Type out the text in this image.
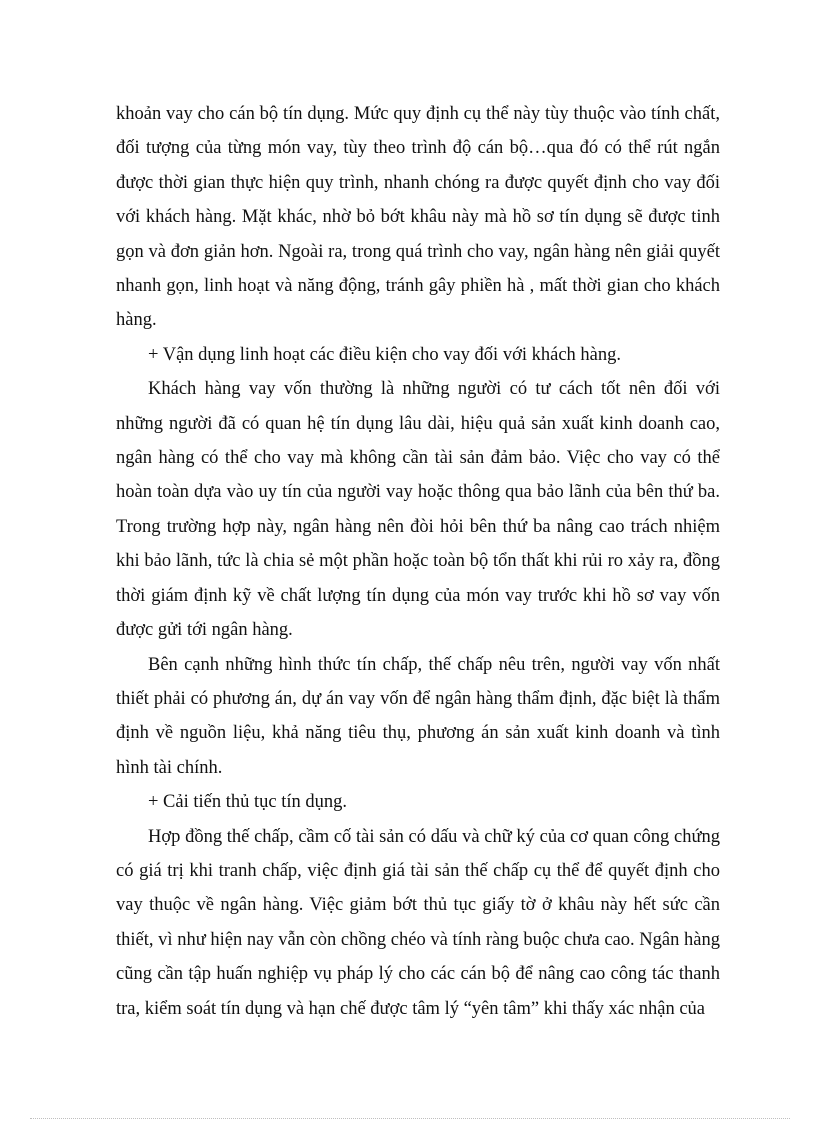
khoản vay cho cán bộ tín dụng. Mức quy định cụ thể này tùy thuộc vào tính chất, đối tượng của từng món vay, tùy theo trình độ cán bộ…qua đó có thể rút ngắn được thời gian thực hiện quy trình, nhanh chóng ra được quyết định cho vay đối với khách hàng. Mặt khác, nhờ bỏ bớt khâu này mà hồ sơ tín dụng sẽ được tinh gọn và đơn giản hơn. Ngoài ra, trong quá trình cho vay, ngân hàng nên giải quyết nhanh gọn, linh hoạt và năng động, tránh gây phiền hà , mất thời gian cho khách hàng.

+ Vận dụng linh hoạt các điều kiện cho vay đối với khách hàng.

Khách hàng vay vốn thường là những người có tư cách tốt nên đối với những người đã có quan hệ tín dụng lâu dài, hiệu quả sản xuất kinh doanh cao, ngân hàng có thể cho vay mà không cần tài sản đảm bảo. Việc cho vay có thể hoàn toàn dựa vào uy tín của người vay hoặc thông qua bảo lãnh của bên thứ ba. Trong trường hợp này, ngân hàng nên đòi hỏi bên thứ ba nâng cao trách nhiệm khi bảo lãnh, tức là chia sẻ một phần hoặc toàn bộ tổn thất khi rủi ro xảy ra, đồng thời giám định kỹ về chất lượng tín dụng của món vay trước khi hồ sơ vay vốn được gửi tới ngân hàng.

Bên cạnh những hình thức tín chấp, thế chấp nêu trên, người vay vốn nhất thiết phải có phương án, dự án vay vốn để ngân hàng thẩm định, đặc biệt là thẩm định về nguồn liệu, khả năng tiêu thụ, phương án sản xuất kinh doanh và tình hình tài chính.

+ Cải tiến thủ tục tín dụng.

Hợp đồng thế chấp, cầm cố tài sản có dấu và chữ ký của cơ quan công chứng có giá trị khi tranh chấp, việc định giá tài sản thế chấp cụ thể để quyết định cho vay thuộc về ngân hàng. Việc giảm bớt thủ tục giấy tờ ở khâu này hết sức cần thiết, vì như hiện nay vẫn còn chồng chéo và tính ràng buộc chưa cao. Ngân hàng cũng cần tập huấn nghiệp vụ pháp lý cho các cán bộ để nâng cao công tác thanh tra, kiểm soát tín dụng và hạn chế được tâm lý “yên tâm” khi thấy xác nhận của
